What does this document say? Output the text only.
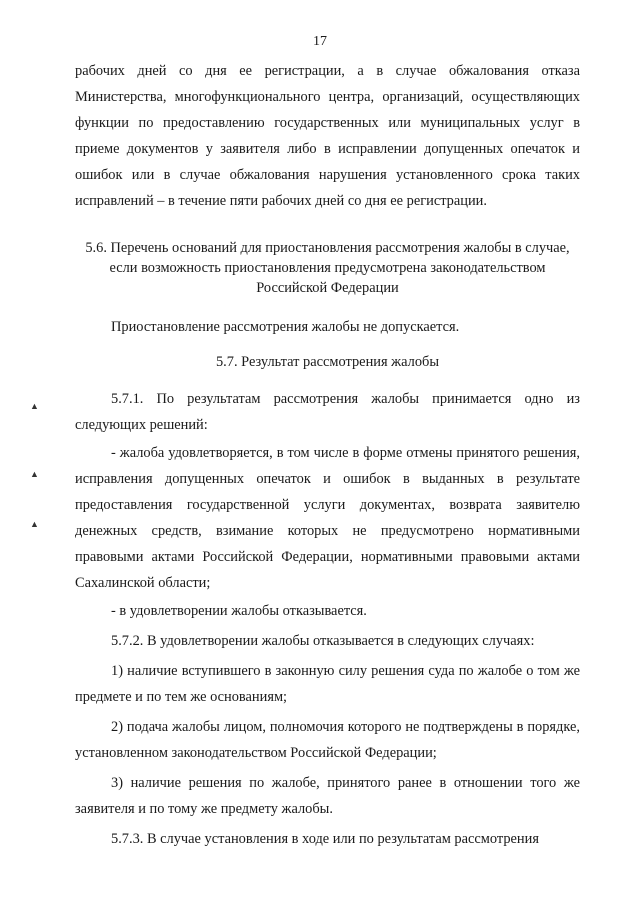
17
▲
▲
▲

рабочих дней со дня ее регистрации, а в случае обжалования отказа Министерства, многофункционального центра, организаций, осуществляющих функции по предоставлению государственных или муниципальных услуг в приеме документов у заявителя либо в исправлении допущенных опечаток и ошибок или в случае обжалования нарушения установленного срока таких исправлений – в течение пяти рабочих дней со дня ее регистрации.

5.6. Перечень оснований для приостановления рассмотрения жалобы в случае, если возможность приостановления предусмотрена законодательством Российской Федерации

Приостановление рассмотрения жалобы не допускается.

5.7. Результат рассмотрения жалобы

5.7.1. По результатам рассмотрения жалобы принимается одно из следующих решений:

- жалоба удовлетворяется, в том числе в форме отмены принятого решения, исправления допущенных опечаток и ошибок в выданных в результате предоставления государственной услуги документах, возврата заявителю денежных средств, взимание которых не предусмотрено нормативными правовыми актами Российской Федерации, нормативными правовыми актами Сахалинской области;

- в удовлетворении жалобы отказывается.

5.7.2. В удовлетворении жалобы отказывается в следующих случаях:

1) наличие вступившего в законную силу решения суда по жалобе о том же предмете и по тем же основаниям;

2) подача жалобы лицом, полномочия которого не подтверждены в порядке, установленном законодательством Российской Федерации;

3) наличие решения по жалобе, принятого ранее в отношении того же заявителя и по тому же предмету жалобы.

5.7.3. В случае установления в ходе или по результатам рассмотрения
